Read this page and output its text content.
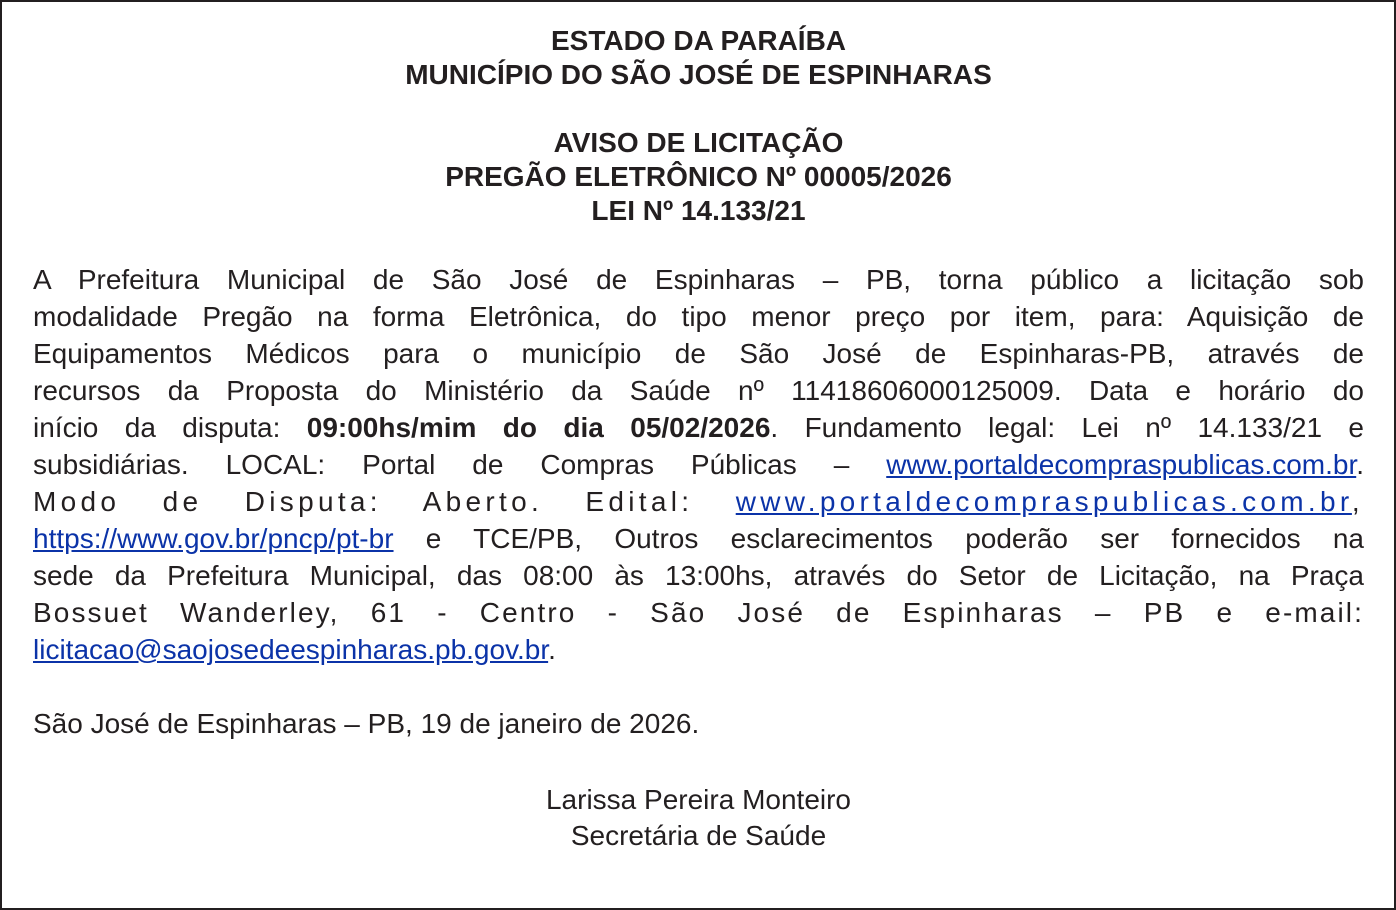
ESTADO DA PARAÍBA
MUNICÍPIO DO SÃO JOSÉ DE ESPINHARAS
AVISO DE LICITAÇÃO
PREGÃO ELETRÔNICO Nº 00005/2026
LEI Nº 14.133/21
A Prefeitura Municipal de São José de Espinharas – PB, torna público a licitação sob
modalidade Pregão na forma Eletrônica, do tipo menor preço por item, para: Aquisição de
Equipamentos Médicos para o município de São José de Espinharas-PB, através de
recursos da Proposta do Ministério da Saúde nº 11418606000125009. Data e horário do
início da disputa: 09:00hs/mim do dia 05/02/2026. Fundamento legal: Lei nº 14.133/21 e
subsidiárias. LOCAL: Portal de Compras Públicas – www.portaldecompraspublicas.com.br.
Modo de Disputa: Aberto. Edital: www.portaldecompraspublicas.com.br,
https://www.gov.br/pncp/pt-br e TCE/PB, Outros esclarecimentos poderão ser fornecidos na
sede da Prefeitura Municipal, das 08:00 às 13:00hs, através do Setor de Licitação, na Praça
Bossuet Wanderley, 61 - Centro - São José de Espinharas – PB e e-mail:
licitacao@saojosedeespinharas.pb.gov.br.
São José de Espinharas – PB, 19 de janeiro de 2026.
Larissa Pereira Monteiro
Secretária de Saúde
